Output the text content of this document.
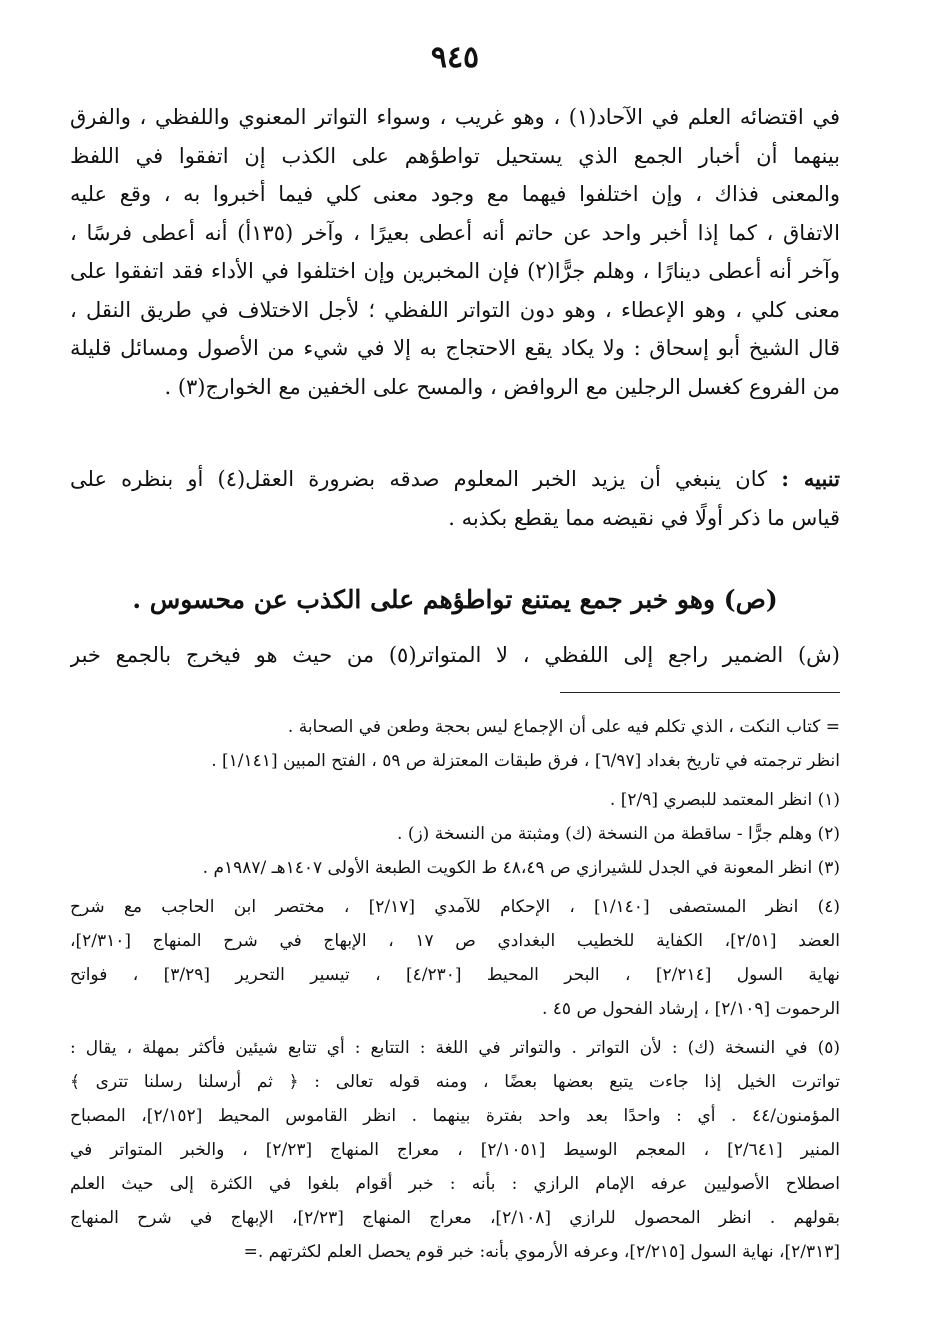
٩٤٥
في اقتضائه العلم في الآحاد(١) ، وهو غريب ، وسواء التواتر المعنوي واللفظي ، والفرق
بينهما أن أخبار الجمع الذي يستحيل تواطؤهم على الكذب إن اتفقوا في اللفظ
والمعنى فذاك ، وإن اختلفوا فيهما مع وجود معنى كلي فيما أخبروا به ، وقع عليه
الاتفاق ، كما إذا أخبر واحد عن حاتم أنه أعطى بعيرًا ، وآخر (١٣٥أ) أنه أعطى فرسًا ،
وآخر أنه أعطى دينارًا ، وهلم جرًّا(٢) فإن المخبرين وإن اختلفوا في الأداء فقد اتفقوا على
معنى كلي ، وهو الإعطاء ، وهو دون التواتر اللفظي ؛ لأجل الاختلاف في طريق النقل ،
قال الشيخ أبو إسحاق : ولا يكاد يقع الاحتجاج به إلا في شيء من الأصول ومسائل قليلة
من الفروع كغسل الرجلين مع الروافض ، والمسح على الخفين مع الخوارج(٣) .
تنبيه : كان ينبغي أن يزيد الخبر المعلوم صدقه بضرورة العقل(٤) أو بنظره على
قياس ما ذكر أولًا في نقيضه مما يقطع بكذبه .
(ص) وهو خبر جمع يمتنع تواطؤهم على الكذب عن محسوس .
(ش) الضمير راجع إلى اللفظي ، لا المتواتر(٥) من حيث هو فيخرج بالجمع خبر
= كتاب النكت ، الذي تكلم فيه على أن الإجماع ليس بحجة وطعن في الصحابة .
انظر ترجمته في تاريخ بغداد [٦/٩٧] ، فرق طبقات المعتزلة ص ٥٩ ، الفتح المبين [١/١٤١] .
(١) انظر المعتمد للبصري [٢/٩] .
(٢) وهلم جرًّا - ساقطة من النسخة (ك) ومثبتة من النسخة (ز) .
(٣) انظر المعونة في الجدل للشيرازي ص ٤٨،٤٩ ط الكويت الطبعة الأولى ١٤٠٧هـ /١٩٨٧م .
(٤) انظر المستصفى [١/١٤٠] ، الإحكام للآمدي [٢/١٧] ، مختصر ابن الحاجب مع شرح
العضد [٢/٥١]، الكفاية للخطيب البغدادي ص ١٧ ، الإبهاج في شرح المنهاج [٢/٣١٠]،
نهاية السول [٢/٢١٤] ، البحر المحيط [٤/٢٣٠] ، تيسير التحرير [٣/٢٩] ، فواتح
الرحموت [٢/١٠٩] ، إرشاد الفحول ص ٤٥ .
(٥) في النسخة (ك) : لأن التواتر . والتواتر في اللغة : التتابع : أي تتابع شيئين فأكثر بمهلة ، يقال :
تواترت الخيل إذا جاءت يتبع بعضها بعضًا ، ومنه قوله تعالى : ﴿ ثم أرسلنا رسلنا تترى ﴾
المؤمنون/٤٤ . أي : واحدًا بعد واحد بفترة بينهما . انظر القاموس المحيط [٢/١٥٢]، المصباح
المنير [٢/٦٤١] ، المعجم الوسيط [٢/١٠٥١] ، معراج المنهاج [٢/٢٣] ، والخبر المتواتر في
اصطلاح الأصوليين عرفه الإمام الرازي : بأنه : خبر أقوام بلغوا في الكثرة إلى حيث العلم
بقولهم . انظر المحصول للرازي [٢/١٠٨]، معراج المنهاج [٢/٢٣]، الإبهاج في شرح المنهاج
[٢/٣١٣]، نهاية السول [٢/٢١٥]، وعرفه الأرموي بأنه: خبر قوم يحصل العلم لكثرتهم .=
